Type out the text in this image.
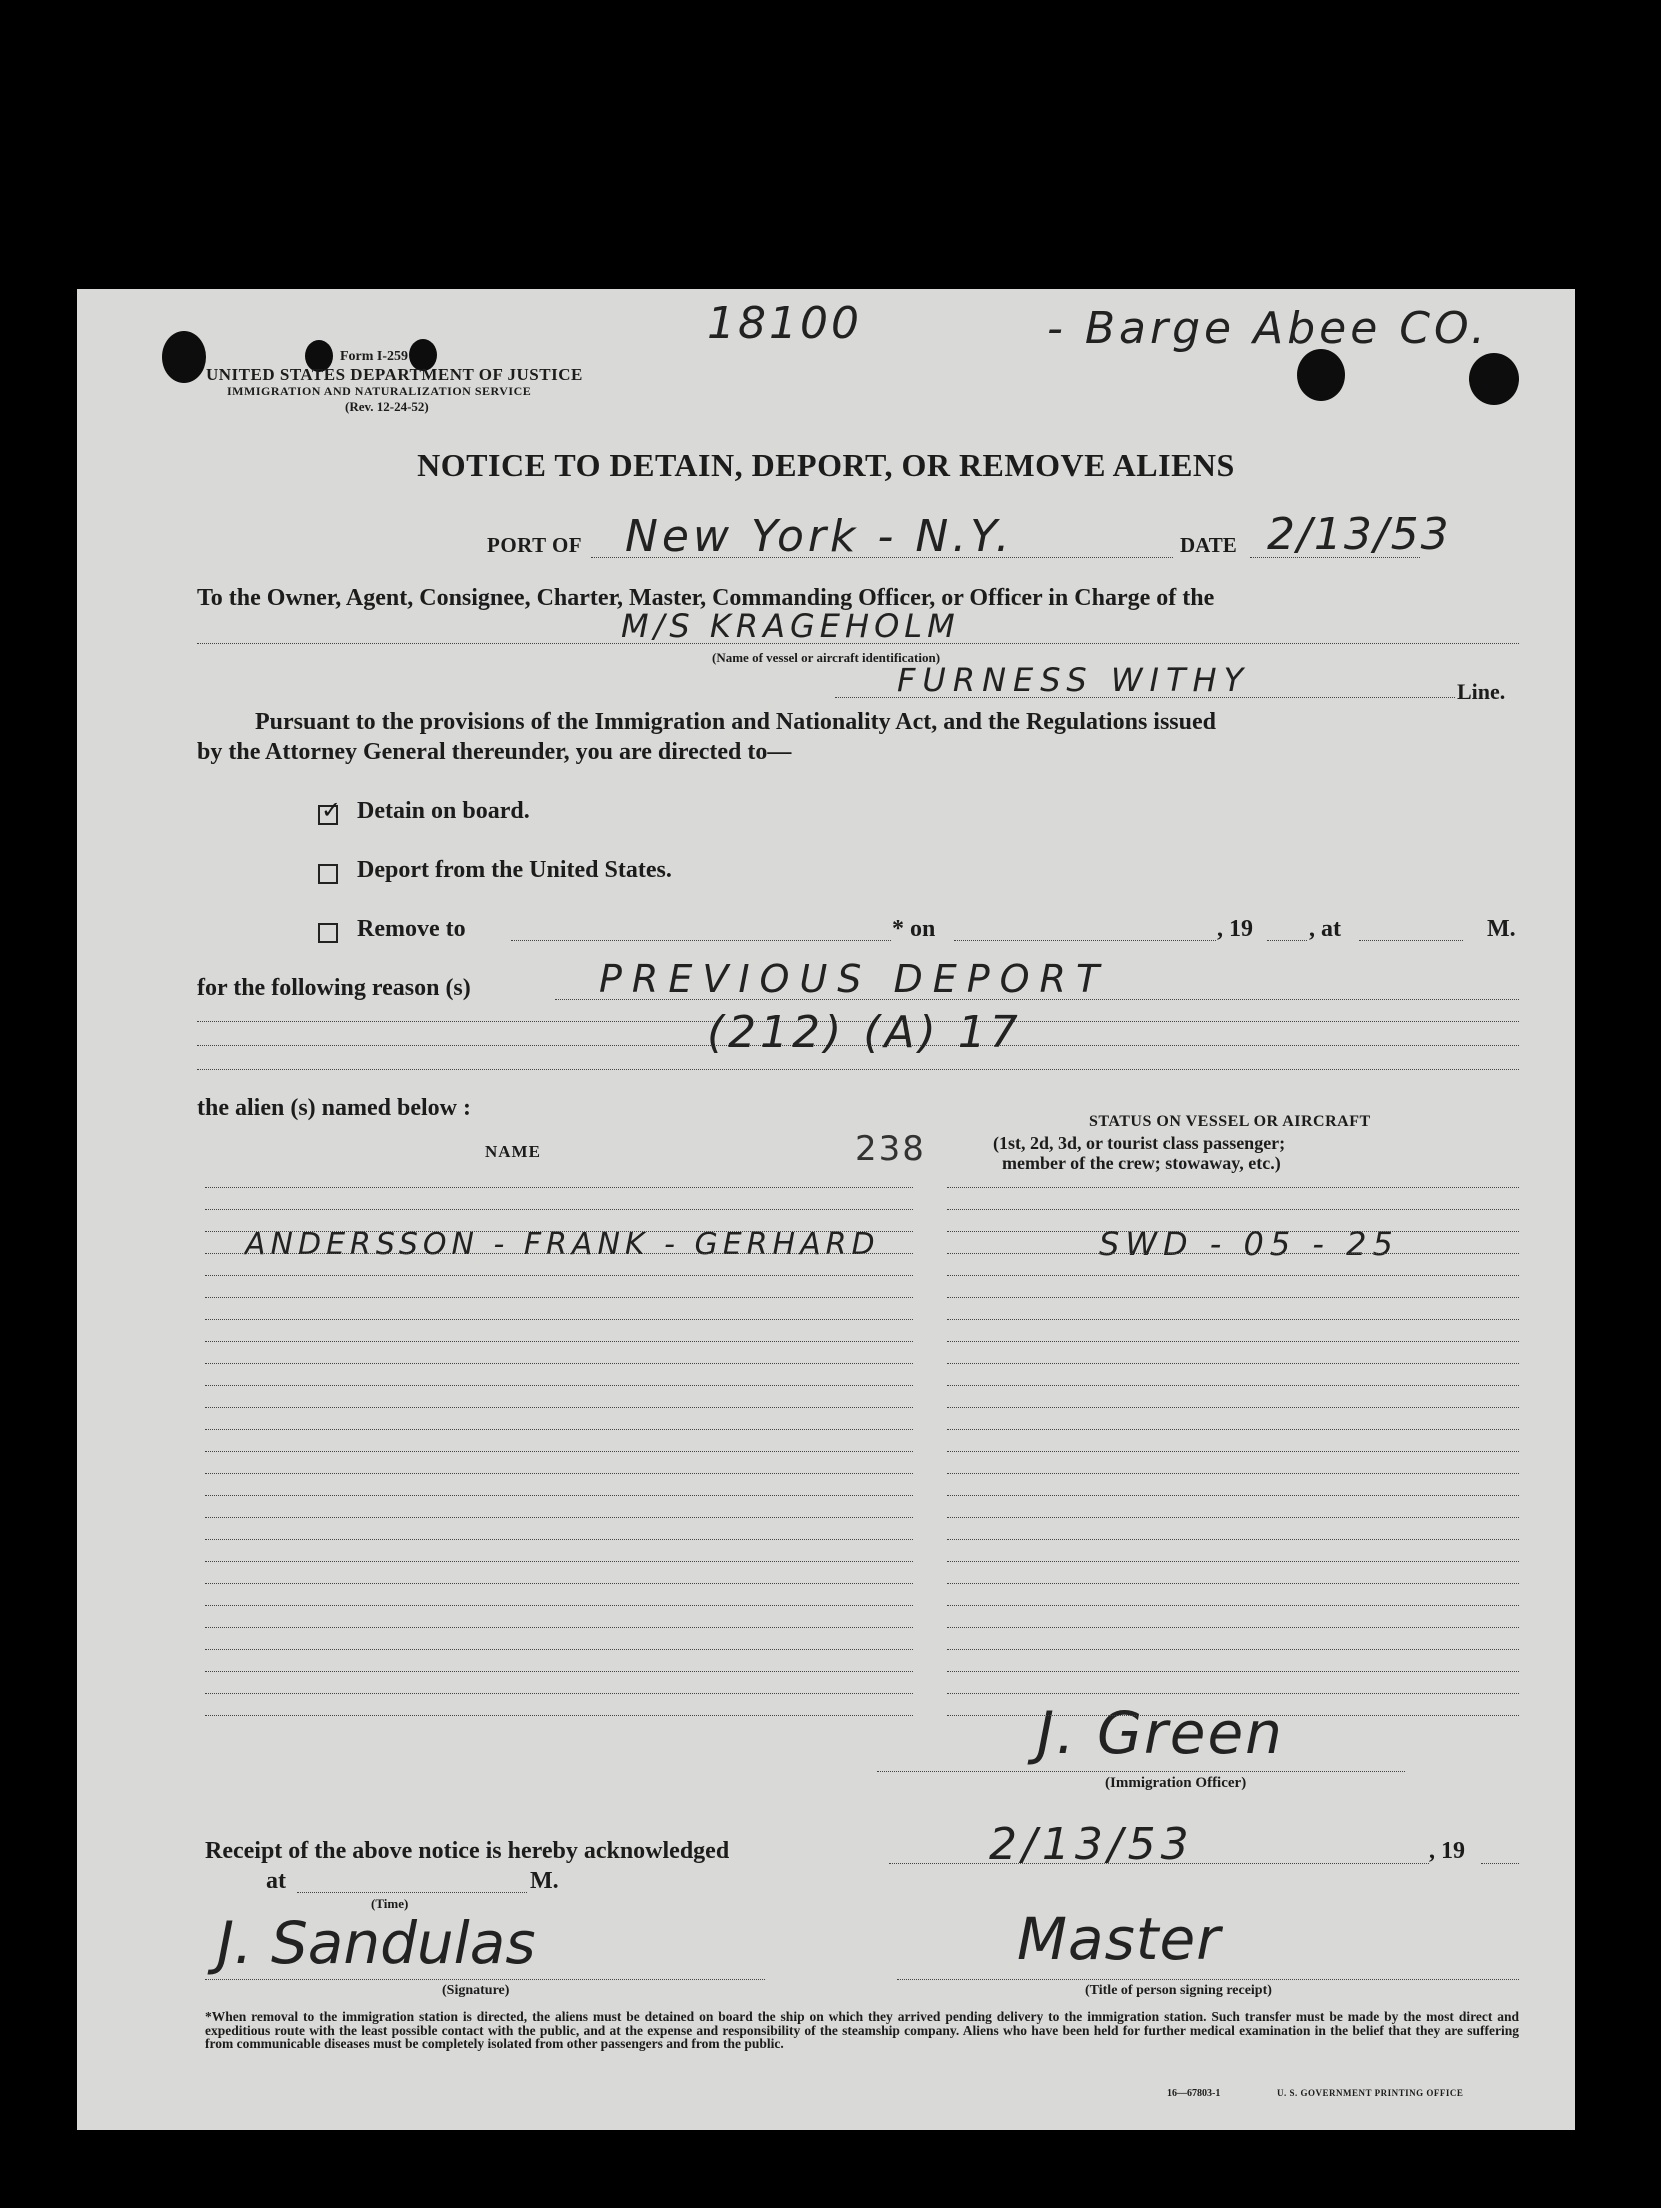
18100	- Barge Abee CO.
Form I-259
UNITED STATES DEPARTMENT OF JUSTICE
IMMIGRATION AND NATURALIZATION SERVICE
(Rev. 12-24-52)
NOTICE TO DETAIN, DEPORT, OR REMOVE ALIENS
PORT OF New York - N.Y.	DATE 2/13/53
To the Owner, Agent, Consignee, Charter, Master, Commanding Officer, or Officer in Charge of the
M/S KRAGEHOLM
(Name of vessel or aircraft identification)
FURNESS WITHY	Line.
Pursuant to the provisions of the Immigration and Nationality Act, and the Regulations issued
by the Attorney General thereunder, you are directed to—
✓ Detain on board.
Deport from the United States.
Remove to	* on	, 19 , at	M.
for the following reason (s)	PREVIOUS DEPORT
(212) (A) 17
the alien (s) named below :
NAME	238
STATUS ON VESSEL OR AIRCRAFT
(1st, 2d, 3d, or tourist class passenger;
member of the crew; stowaway, etc.)
ANDERSSON - FRANK - GERHARD	SWD - 05 - 25
J. Green
(Immigration Officer)
Receipt of the above notice is hereby acknowledged	2/13/53	, 19
at	M.
(Time)
J. Sandulas
(Signature)
Master
(Title of person signing receipt)
*When removal to the immigration station is directed, the aliens must be detained on board the ship on which they arrived pending delivery to the immigration station. Such transfer must be made by the most direct and expeditious route with the least possible contact with the public, and at the expense and responsibility of the steamship company. Aliens who have been held for further medical examination in the belief that they are suffering from communicable diseases must be completely isolated from other passengers and from the public.
16—67803-1	U. S. GOVERNMENT PRINTING OFFICE
